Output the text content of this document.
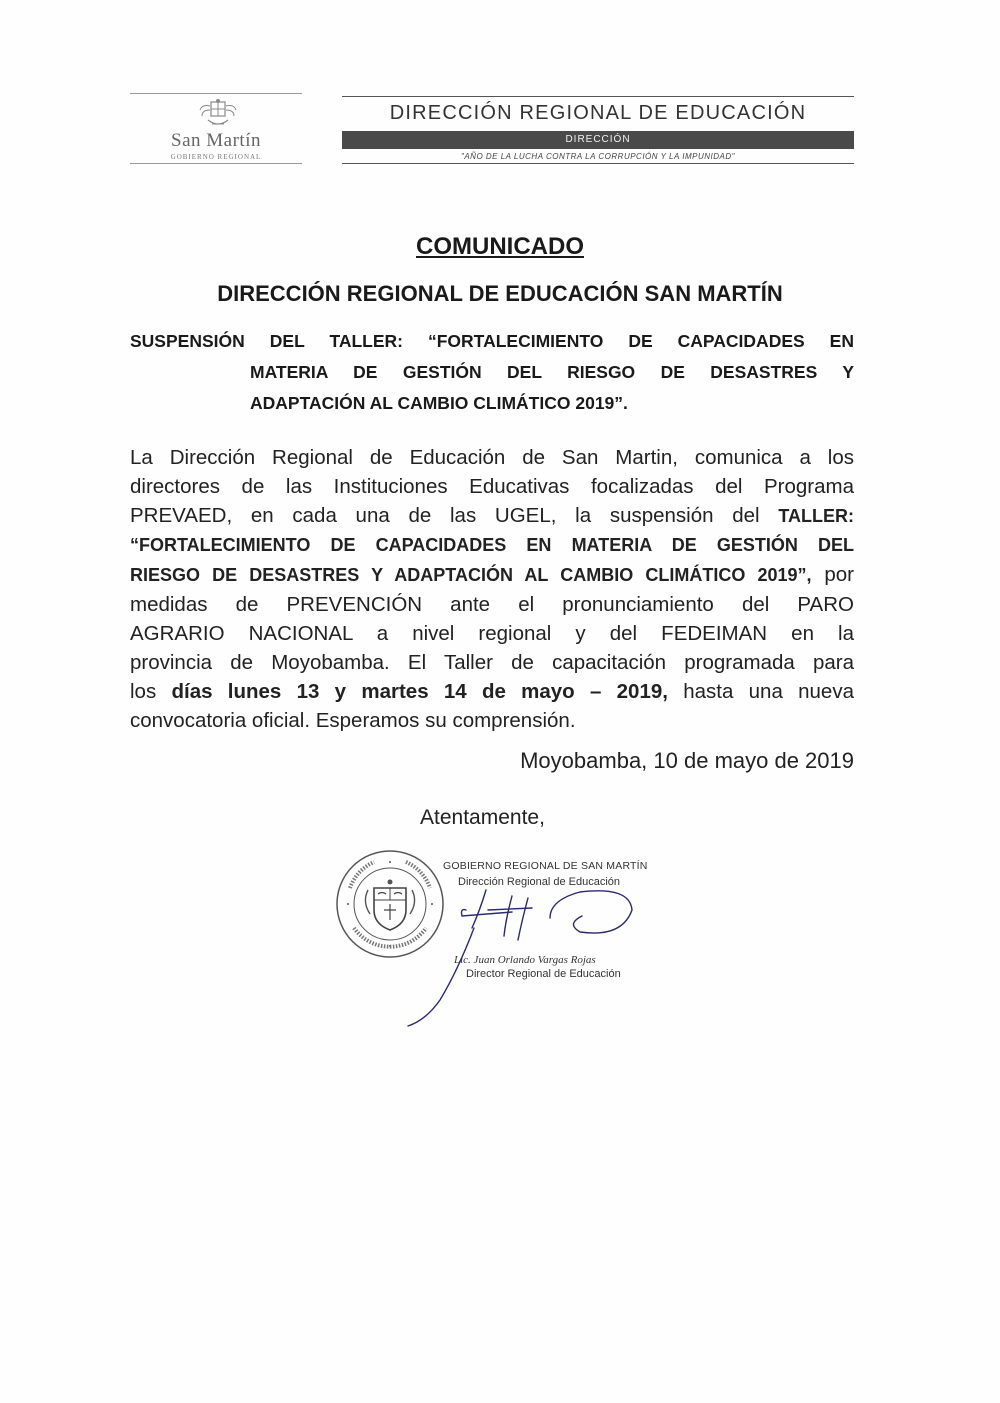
San Martín
GOBIERNO REGIONAL
DIRECCIÓN REGIONAL DE EDUCACIÓN
DIRECCIÓN
"AÑO DE LA LUCHA CONTRA LA CORRUPCIÓN Y LA IMPUNIDAD"
COMUNICADO
DIRECCIÓN REGIONAL DE EDUCACIÓN SAN MARTÍN
SUSPENSIÓN DEL TALLER: “FORTALECIMIENTO DE CAPACIDADES EN
MATERIA DE GESTIÓN DEL RIESGO DE DESASTRES Y
ADAPTACIÓN AL CAMBIO CLIMÁTICO 2019”.
La Dirección Regional de Educación de San Martin, comunica a los
directores de las Instituciones Educativas focalizadas del Programa
PREVAED, en cada una de las UGEL, la suspensión del TALLER:
“FORTALECIMIENTO DE CAPACIDADES EN MATERIA DE GESTIÓN DEL
RIESGO DE DESASTRES Y ADAPTACIÓN AL CAMBIO CLIMÁTICO 2019”, por
medidas de PREVENCIÓN ante el pronunciamiento del PARO
AGRARIO NACIONAL a nivel regional y del FEDEIMAN en la
provincia de Moyobamba. El Taller de capacitación programada para
los días lunes 13 y martes 14 de mayo – 2019, hasta una nueva
convocatoria oficial. Esperamos su comprensión.
Moyobamba, 10 de mayo de 2019
Atentamente,
GOBIERNO REGIONAL DE SAN MARTÍN
Dirección Regional de Educación
Lic. Juan Orlando Vargas Rojas
Director Regional de Educación
